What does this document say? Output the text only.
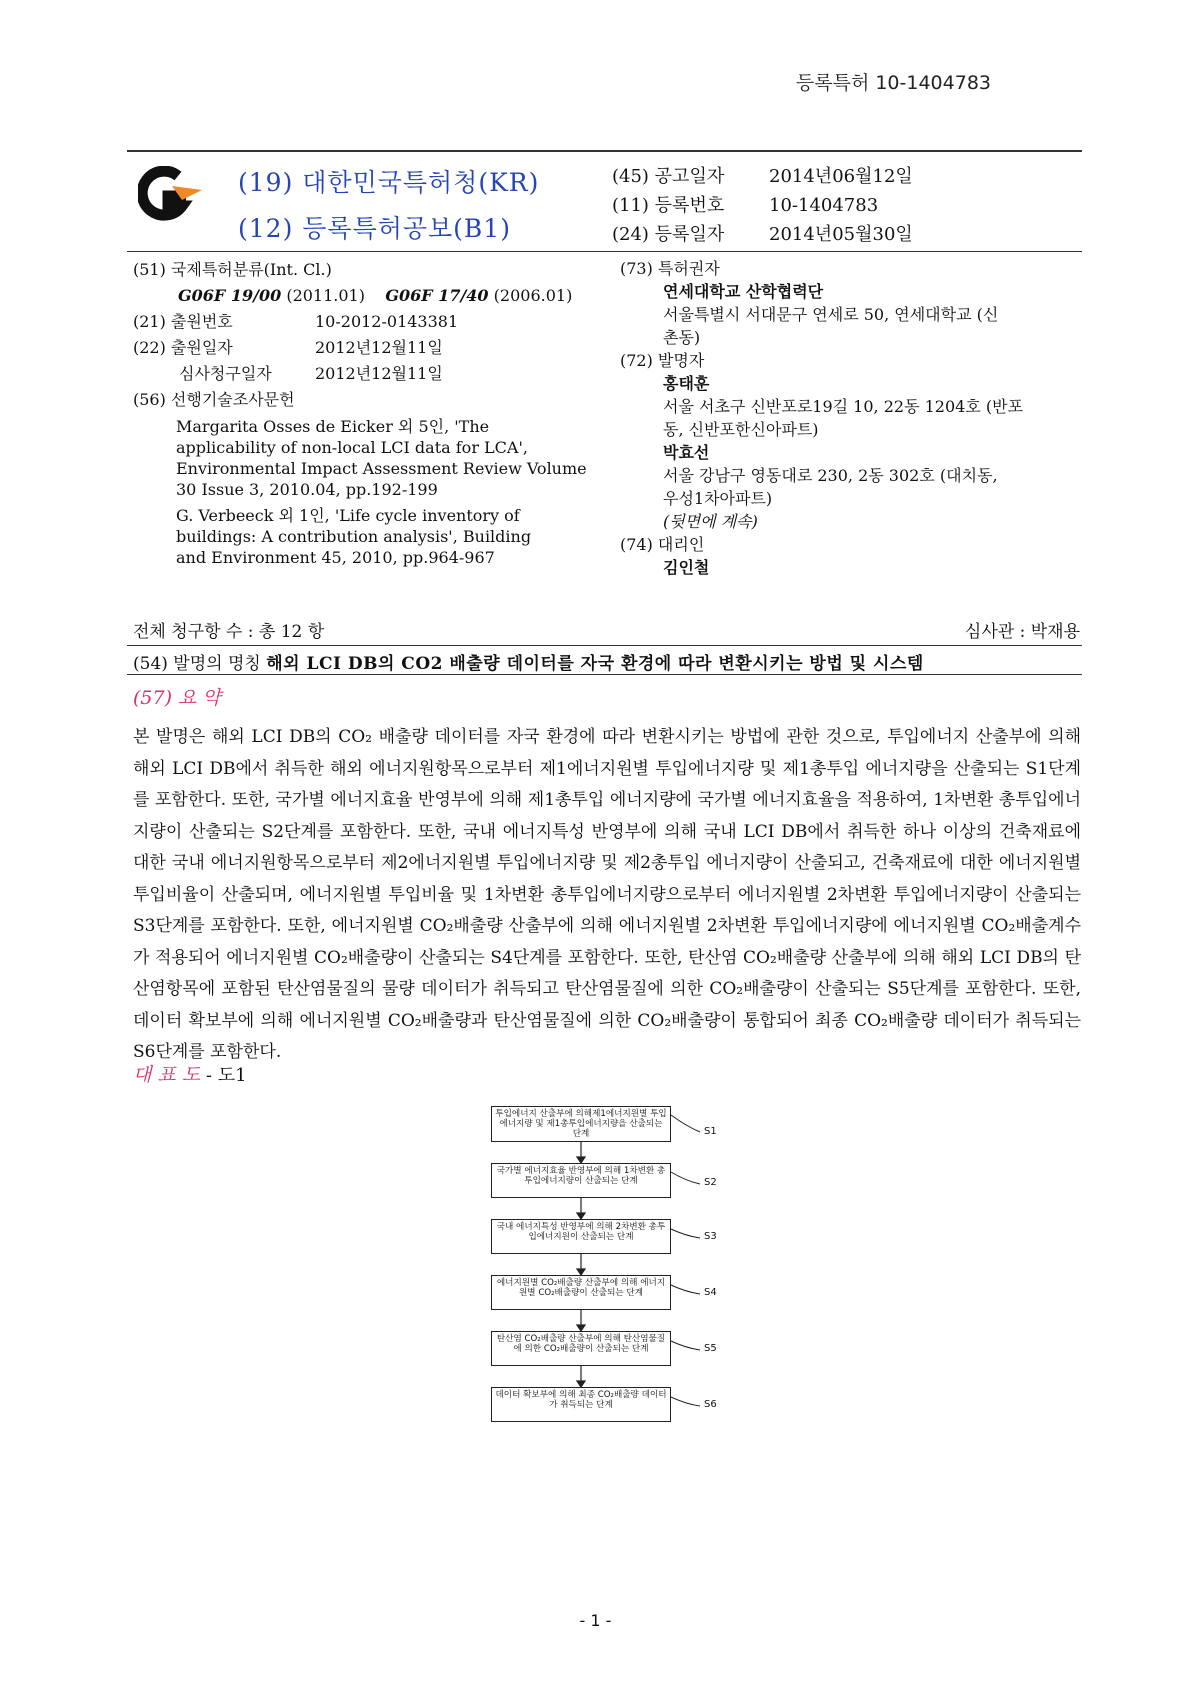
등록특허 10-1404783
(19) 대한민국특허청(KR)
(12) 등록특허공보(B1)
(45) 공고일자 2014년06월12일
(11) 등록번호 10-1404783
(24) 등록일자 2014년05월30일
(51) 국제특허분류(Int. Cl.)
G06F 19/00 (2011.01) G06F 17/40 (2006.01)
(21) 출원번호	10-2012-0143381
(22) 출원일자	2012년12월11일
심사청구일자	2012년12월11일
(56) 선행기술조사문헌
Margarita Osses de Eicker 외 5인, 'The
applicability of non-local LCI data for LCA',
Environmental Impact Assessment Review Volume
30 Issue 3, 2010.04, pp.192-199
G. Verbeeck 외 1인, 'Life cycle inventory of
buildings: A contribution analysis', Building
and Environment 45, 2010, pp.964-967
(73) 특허권자
연세대학교 산학협력단
서울특별시 서대문구 연세로 50, 연세대학교 (신
촌동)
(72) 발명자
홍태훈
서울 서초구 신반포로19길 10, 22동 1204호 (반포
동, 신반포한신아파트)
박효선
서울 강남구 영동대로 230, 2동 302호 (대치동,
우성1차아파트)
(뒷면에 계속)
(74) 대리인
김인철
전체 청구항 수 : 총 12 항	심사관 : 박재용
(54) 발명의 명칭 해외 LCI DB의 CO2 배출량 데이터를 자국 환경에 따라 변환시키는 방법 및 시스템
(57) 요 약
본 발명은 해외 LCI DB의 CO₂ 배출량 데이터를 자국 환경에 따라 변환시키는 방법에 관한 것으로, 투입에너지 산출부에 의해 해외 LCI DB에서 취득한 해외 에너지원항목으로부터 제1에너지원별 투입에너지량 및 제1총투입 에너지량을 산출되는 S1단계를 포함한다. 또한, 국가별 에너지효율 반영부에 의해 제1총투입 에너지량에 국가별 에너지효율을 적용하여, 1차변환 총투입에너지량이 산출되는 S2단계를 포함한다. 또한, 국내 에너지특성 반영부에 의해 국내 LCI DB에서 취득한 하나 이상의 건축재료에 대한 국내 에너지원항목으로부터 제2에너지원별 투입에너지량 및 제2총투입 에너지량이 산출되고, 건축재료에 대한 에너지원별 투입비율이 산출되며, 에너지원별 투입비율 및 1차변환 총투입에너지량으로부터 에너지원별 2차변환 투입에너지량이 산출되는 S3단계를 포함한다. 또한, 에너지원별 CO₂배출량 산출부에 의해 에너지원별 2차변환 투입에너지량에 에너지원별 CO₂배출계수가 적용되어 에너지원별 CO₂배출량이 산출되는 S4단계를 포함한다. 또한, 탄산염 CO₂배출량 산출부에 의해 해외 LCI DB의 탄산염항목에 포함된 탄산염물질의 물량 데이터가 취득되고 탄산염물질에 의한 CO₂배출량이 산출되는 S5단계를 포함한다. 또한, 데이터 확보부에 의해 에너지원별 CO₂배출량과 탄산염물질에 의한 CO₂배출량이 통합되어 최종 CO₂배출량 데이터가 취득되는 S6단계를 포함한다.
대 표 도 - 도1
투입에너지 산출부에 의해제1에너지원별 투입에너지량 및 제1총투입에너지량을 산출되는 단계	S1
국가별 에너지효율 반영부에 의해 1차변환 총투입에너지량이 산출되는 단계	S2
국내 에너지특성 반영부에 의해 2차변환 총투입에너지원이 산출되는 단계	S3
에너지원별 CO₂배출량 산출부에 의해 에너지원별 CO₂배출량이 산출되는 단계	S4
탄산염 CO₂배출량 산출부에 의해 탄산염물질에 의한 CO₂배출량이 산출되는 단계	S5
데이터 확보부에 의해 최종 CO₂배출량 데이터가 취득되는 단계	S6
- 1 -
